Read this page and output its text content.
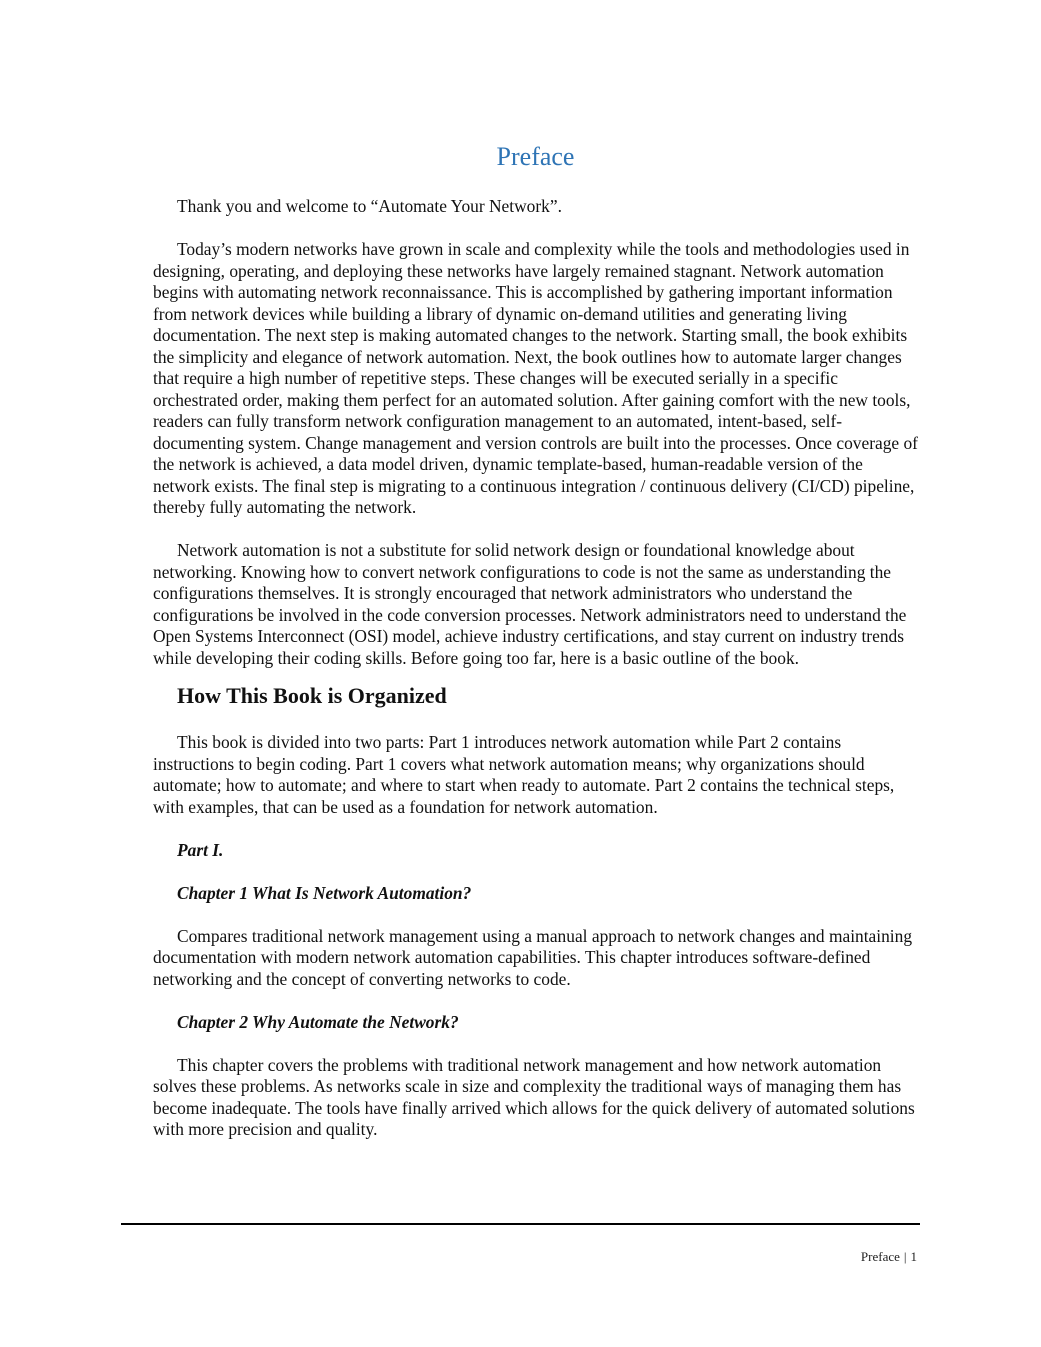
Preface

Thank you and welcome to “Automate Your Network”.

Today’s modern networks have grown in scale and complexity while the tools and methodologies used in designing, operating, and deploying these networks have largely remained stagnant. Network automation begins with automating network reconnaissance. This is accomplished by gathering important information from network devices while building a library of dynamic on-demand utilities and generating living documentation. The next step is making automated changes to the network. Starting small, the book exhibits the simplicity and elegance of network automation. Next, the book outlines how to automate larger changes that require a high number of repetitive steps. These changes will be executed serially in a specific orchestrated order, making them perfect for an automated solution. After gaining comfort with the new tools, readers can fully transform network configuration management to an automated, intent-based, self-documenting system. Change management and version controls are built into the processes. Once coverage of the network is achieved, a data model driven, dynamic template-based, human-readable version of the network exists. The final step is migrating to a continuous integration / continuous delivery (CI/CD) pipeline, thereby fully automating the network.

Network automation is not a substitute for solid network design or foundational knowledge about networking. Knowing how to convert network configurations to code is not the same as understanding the configurations themselves. It is strongly encouraged that network administrators who understand the configurations be involved in the code conversion processes. Network administrators need to understand the Open Systems Interconnect (OSI) model, achieve industry certifications, and stay current on industry trends while developing their coding skills. Before going too far, here is a basic outline of the book.

How This Book is Organized

This book is divided into two parts: Part 1 introduces network automation while Part 2 contains instructions to begin coding. Part 1 covers what network automation means; why organizations should automate; how to automate; and where to start when ready to automate. Part 2 contains the technical steps, with examples, that can be used as a foundation for network automation.

Part I.
Chapter 1 What Is Network Automation?

Compares traditional network management using a manual approach to network changes and maintaining documentation with modern network automation capabilities. This chapter introduces software-defined networking and the concept of converting networks to code.

Chapter 2 Why Automate the Network?

This chapter covers the problems with traditional network management and how network automation solves these problems. As networks scale in size and complexity the traditional ways of managing them has become inadequate. The tools have finally arrived which allows for the quick delivery of automated solutions with more precision and quality.

Preface | 1
